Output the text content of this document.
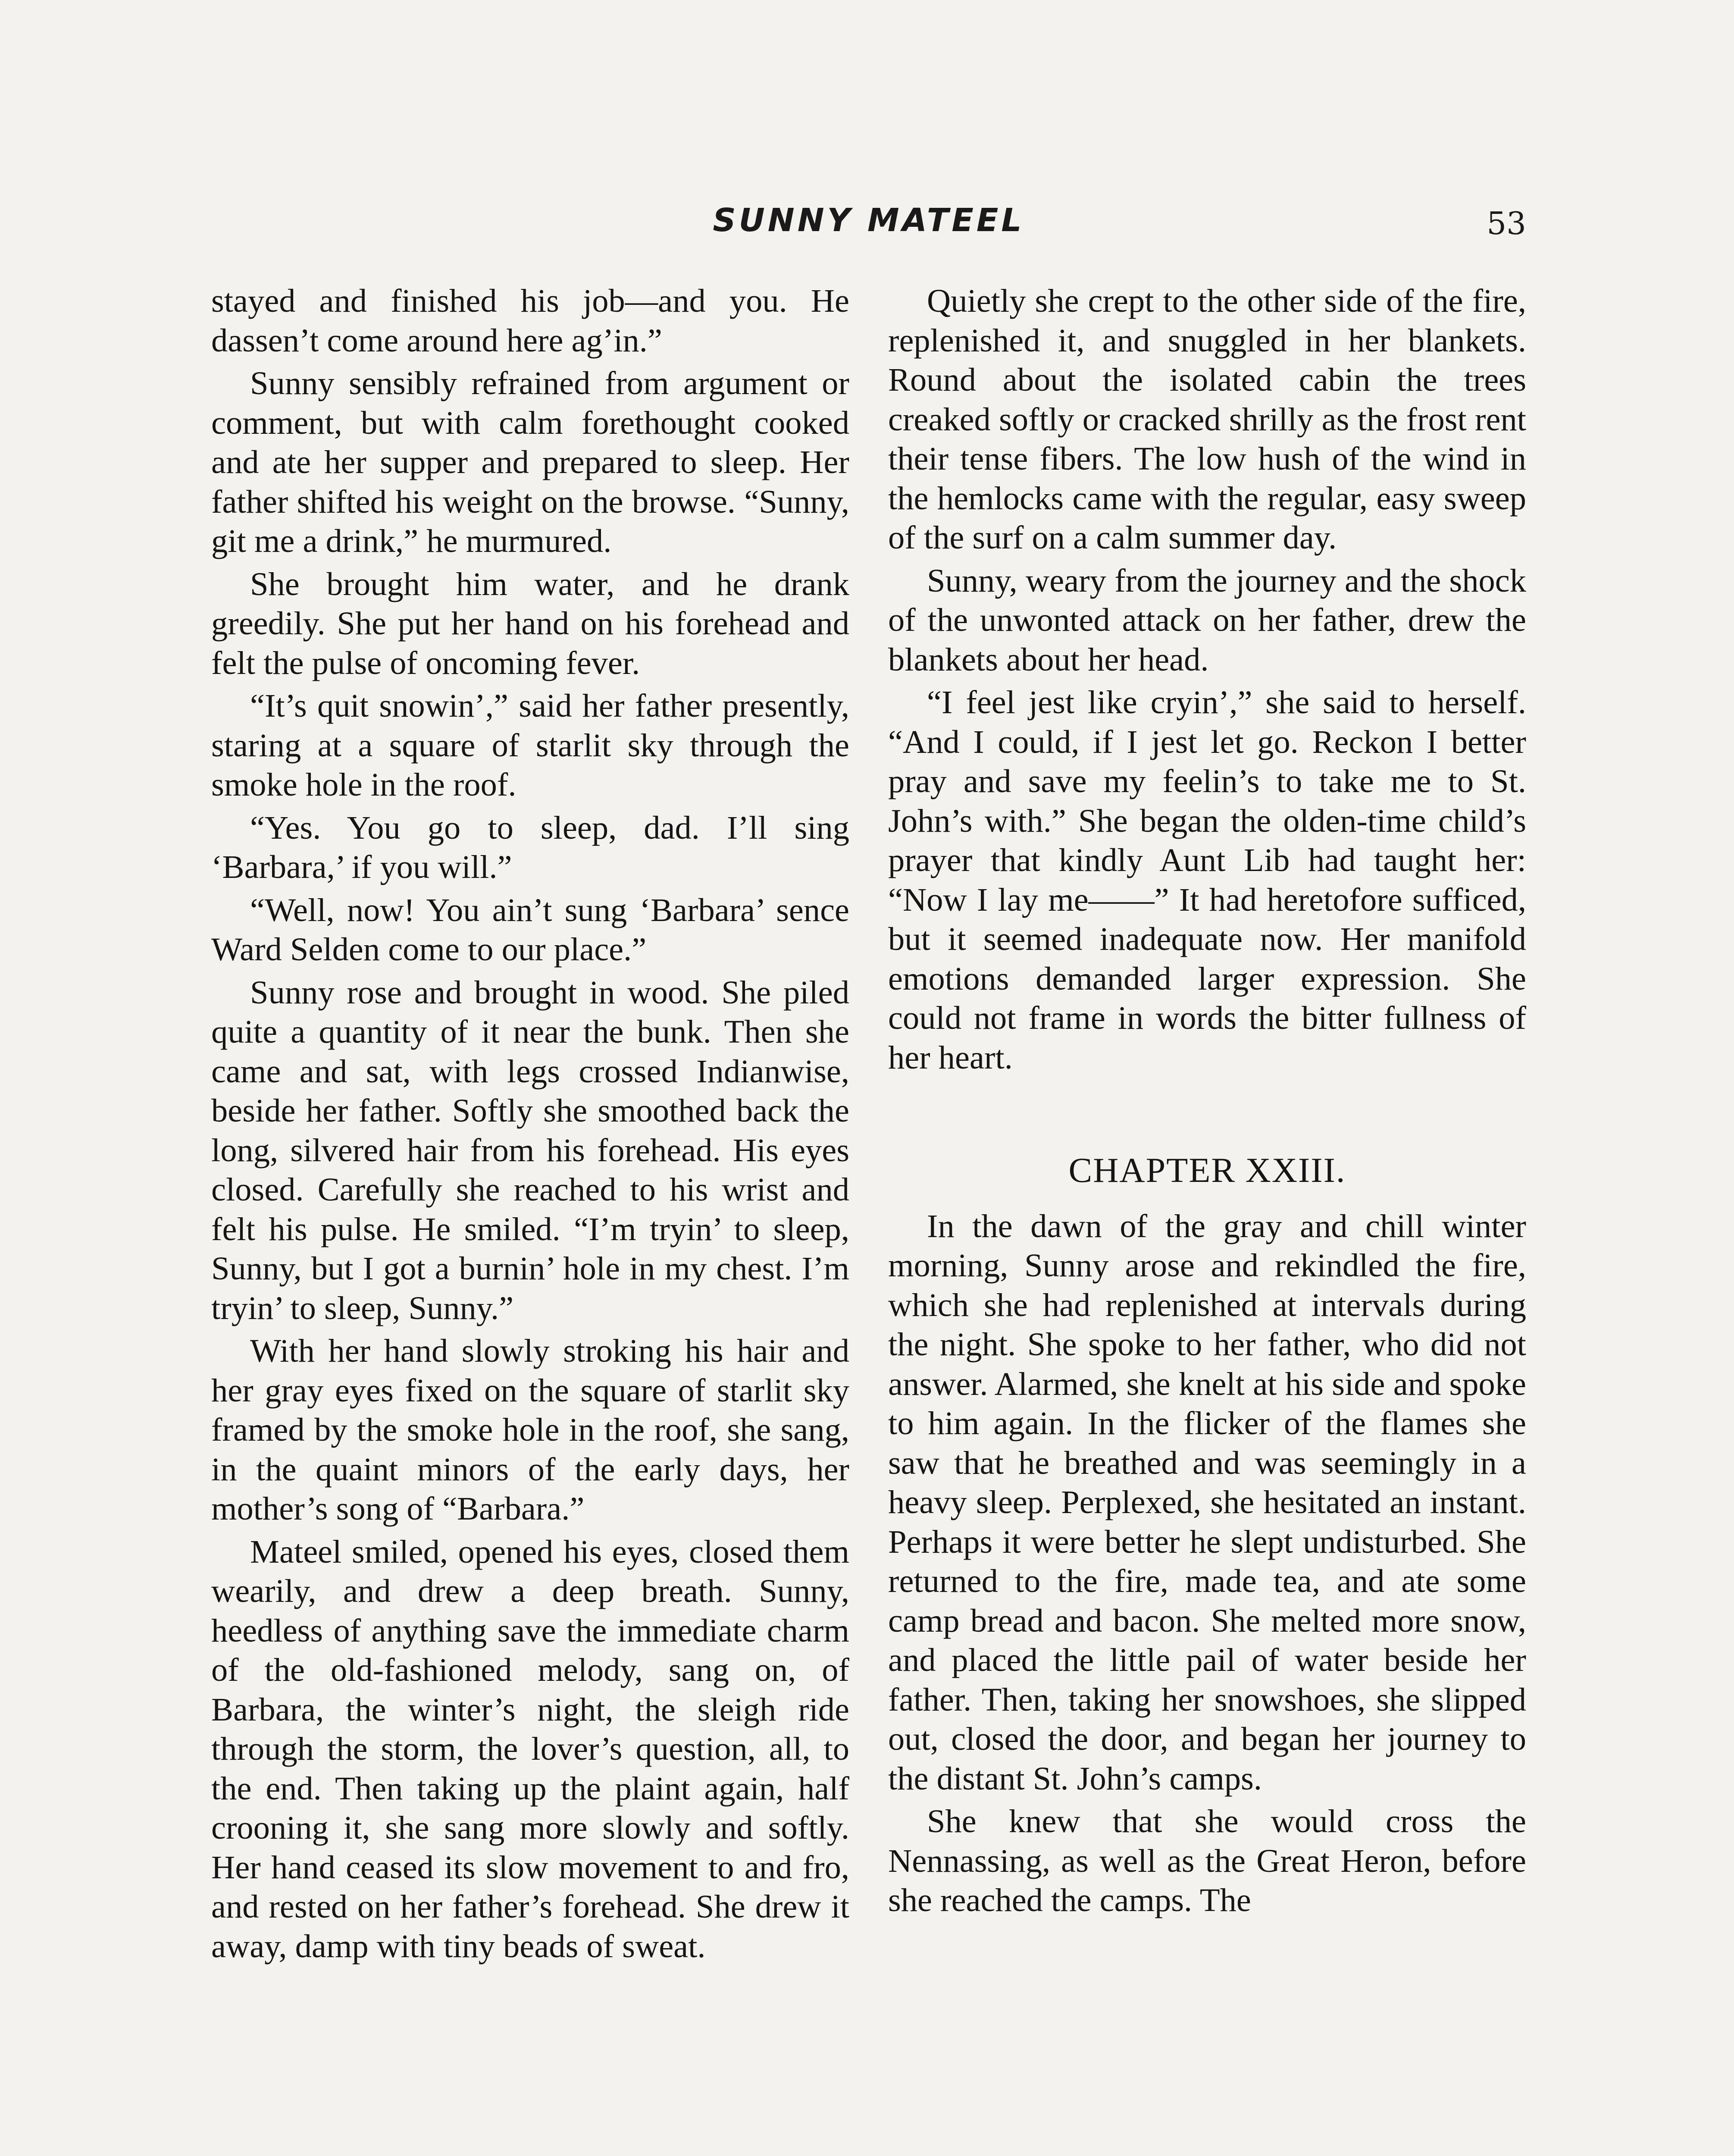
SUNNY MATEEL	53

stayed and finished his job—and you. He dassen’t come around here ag’in.”

Sunny sensibly refrained from argument or comment, but with calm forethought cooked and ate her supper and prepared to sleep. Her father shifted his weight on the browse. “Sunny, git me a drink,” he murmured.

She brought him water, and he drank greedily. She put her hand on his forehead and felt the pulse of oncoming fever.

“It’s quit snowin’,” said her father presently, staring at a square of starlit sky through the smoke hole in the roof.

“Yes. You go to sleep, dad. I’ll sing ‘Barbara,’ if you will.”

“Well, now! You ain’t sung ‘Barbara’ sence Ward Selden come to our place.”

Sunny rose and brought in wood. She piled quite a quantity of it near the bunk. Then she came and sat, with legs crossed Indianwise, beside her father. Softly she smoothed back the long, silvered hair from his forehead. His eyes closed. Carefully she reached to his wrist and felt his pulse. He smiled. “I’m tryin’ to sleep, Sunny, but I got a burnin’ hole in my chest. I’m tryin’ to sleep, Sunny.”

With her hand slowly stroking his hair and her gray eyes fixed on the square of starlit sky framed by the smoke hole in the roof, she sang, in the quaint minors of the early days, her mother’s song of “Barbara.”

Mateel smiled, opened his eyes, closed them wearily, and drew a deep breath. Sunny, heedless of anything save the immediate charm of the old-fashioned melody, sang on, of Barbara, the winter’s night, the sleigh ride through the storm, the lover’s question, all, to the end. Then taking up the plaint again, half crooning it, she sang more slowly and softly. Her hand ceased its slow movement to and fro, and rested on her father’s forehead. She drew it away, damp with tiny beads of sweat.

Quietly she crept to the other side of the fire, replenished it, and snuggled in her blankets. Round about the isolated cabin the trees creaked softly or cracked shrilly as the frost rent their tense fibers. The low hush of the wind in the hemlocks came with the regular, easy sweep of the surf on a calm summer day.

Sunny, weary from the journey and the shock of the unwonted attack on her father, drew the blankets about her head.

“I feel jest like cryin’,” she said to herself. “And I could, if I jest let go. Reckon I better pray and save my feelin’s to take me to St. John’s with.” She began the olden-time child’s prayer that kindly Aunt Lib had taught her: “Now I lay me——” It had heretofore sufficed, but it seemed inadequate now. Her manifold emotions demanded larger expression. She could not frame in words the bitter fullness of her heart.

CHAPTER XXIII.

In the dawn of the gray and chill winter morning, Sunny arose and rekindled the fire, which she had replenished at intervals during the night. She spoke to her father, who did not answer. Alarmed, she knelt at his side and spoke to him again. In the flicker of the flames she saw that he breathed and was seemingly in a heavy sleep. Perplexed, she hesitated an instant. Perhaps it were better he slept undisturbed. She returned to the fire, made tea, and ate some camp bread and bacon. She melted more snow, and placed the little pail of water beside her father. Then, taking her snowshoes, she slipped out, closed the door, and began her journey to the distant St. John’s camps.

She knew that she would cross the Nennassing, as well as the Great Heron, before she reached the camps. The
